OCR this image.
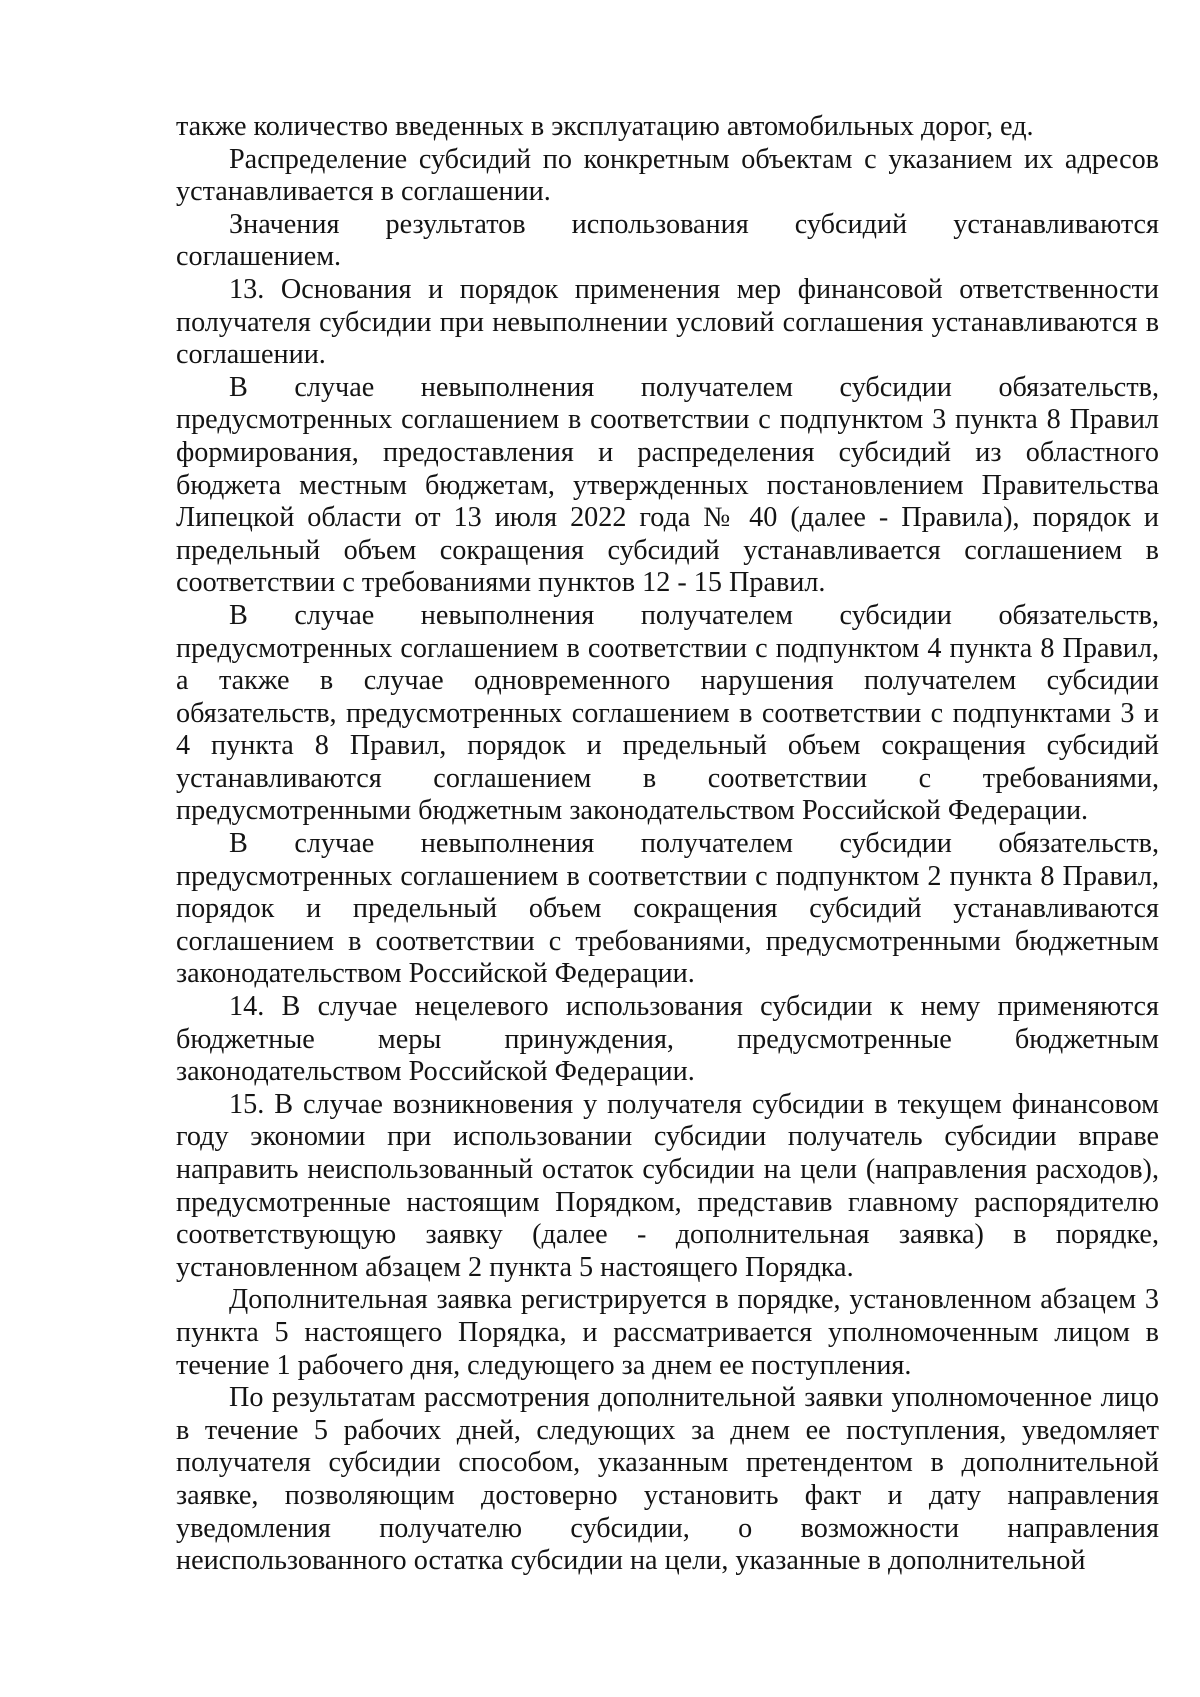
также количество введенных в эксплуатацию автомобильных дорог, ед.

Распределение субсидий по конкретным объектам с указанием их адресов устанавливается в соглашении.

Значения результатов использования субсидий устанавливаются соглашением.

13. Основания и порядок применения мер финансовой ответственности получателя субсидии при невыполнении условий соглашения устанавливаются в соглашении.

В случае невыполнения получателем субсидии обязательств, предусмотренных соглашением в соответствии с подпунктом 3 пункта 8 Правил формирования, предоставления и распределения субсидий из областного бюджета местным бюджетам, утвержденных постановлением Правительства Липецкой области от 13 июля 2022 года № 40 (далее - Правила), порядок и предельный объем сокращения субсидий устанавливается соглашением в соответствии с требованиями пунктов 12 - 15 Правил.

В случае невыполнения получателем субсидии обязательств, предусмотренных соглашением в соответствии с подпунктом 4 пункта 8 Правил, а также в случае одновременного нарушения получателем субсидии обязательств, предусмотренных соглашением в соответствии с подпунктами 3 и 4 пункта 8 Правил, порядок и предельный объем сокращения субсидий устанавливаются соглашением в соответствии с требованиями, предусмотренными бюджетным законодательством Российской Федерации.

В случае невыполнения получателем субсидии обязательств, предусмотренных соглашением в соответствии с подпунктом 2 пункта 8 Правил, порядок и предельный объем сокращения субсидий устанавливаются соглашением в соответствии с требованиями, предусмотренными бюджетным законодательством Российской Федерации.

14. В случае нецелевого использования субсидии к нему применяются бюджетные меры принуждения, предусмотренные бюджетным законодательством Российской Федерации.

15. В случае возникновения у получателя субсидии в текущем финансовом году экономии при использовании субсидии получатель субсидии вправе направить неиспользованный остаток субсидии на цели (направления расходов), предусмотренные настоящим Порядком, представив главному распорядителю соответствующую заявку (далее - дополнительная заявка) в порядке, установленном абзацем 2 пункта 5 настоящего Порядка.

Дополнительная заявка регистрируется в порядке, установленном абзацем 3 пункта 5 настоящего Порядка, и рассматривается уполномоченным лицом в течение 1 рабочего дня, следующего за днем ее поступления.

По результатам рассмотрения дополнительной заявки уполномоченное лицо в течение 5 рабочих дней, следующих за днем ее поступления, уведомляет получателя субсидии способом, указанным претендентом в дополнительной заявке, позволяющим достоверно установить факт и дату направления уведомления получателю субсидии, о возможности направления неиспользованного остатка субсидии на цели, указанные в дополнительной
